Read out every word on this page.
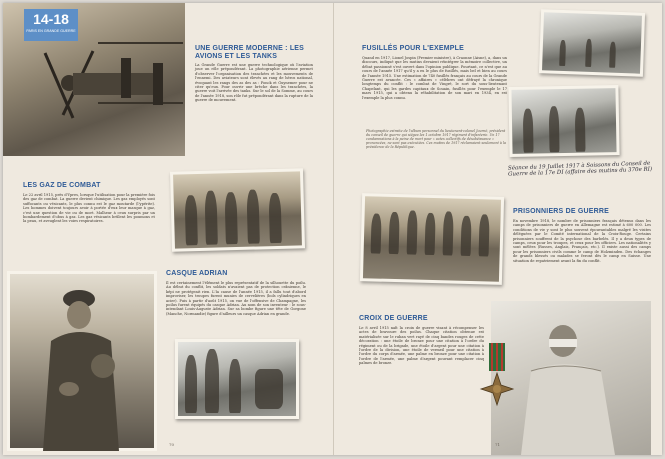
14-18
PARIS EN GRANDE GUERRE
UNE GUERRE MODERNE : LES AVIONS ET LES TANKS

La Grande Guerre est une guerre technologique où l'aviation joue un rôle prépondérant. La photographie aérienne permet d'observer l'organisation des tranchées et les mouvements de l'ennemi. Des aviateurs sont élevés au rang de héros national, évoquant les rangs des as des as : Fonck et Guynemer pour ne citer qu'eux. Pour ouvrir une brèche dans les tranchées, la guerre voit l'arrivée des tanks. Sur le sol de la Somme, au cours de l'année 1918, son rôle fut prépondérant dans la rupture de la guerre de mouvement.

LES GAZ DE COMBAT

Le 22 avril 1915, près d'Ypres, lorsque l'utilisation pour la première fois des gaz de combat. La guerre devient chimique. Les gaz employés sont suffocants ou vésicants, le plus connu est le gaz moutarde (l'ypérite). Les hommes doivent toujours avoir à portée d'eux leur masque à gaz, c'est une question de vie ou de mort. Malheur à ceux surpris par un bombardement d'obus à gaz. Les gaz vésicants brûlent les poumons et la peau, et aveuglent les voies respiratoires.

CASQUE ADRIAN

Il est certainement l'élément le plus représentatif de la silhouette du poilu. Au début du conflit, les soldats n'avaient pas de protection crânienne, le képi ne protégeait rien. L'Ia cause de l'année 1915, il a fallu tout d'abord improviser, les troupes furent munies de cervelières (bols cylindriques en acier). Puis à partir d'août 1915, on vue de l'offensive de Champagne, les poilus furent équipés du casque Adrian. Au nom de son inventeur : le sous-intendant Louis-Auguste Adrian. Sur sa bombe figure une tête de Gorgone (Manche, Normandie) figure d'ailleurs un casque Adrian en grande.

70
FUSILLÉS POUR L'EXEMPLE

Quand en 1917, Lionel Jospin (Premier ministre), à Craonne (Aisne), a, dans un discours, indiqué que les mutins devaient réintégrer la mémoire collective, un débat passionné s'est ouvert dans l'opinion publique. Pourtant, ce n'est que au cours de l'année 1917 qu'il y a eu le plus de fusillés, mais bel et bien au cours de l'année 1915. Une estimation de 740 fusillés français au cours de la Grande Guerre est avancée. Ces « affaires » célèbres ont défrayé la chronique longtemps du conflit : le combat de Vingré, le sort du sous-lieutenant Chapelant, qui les gardes capitaux de Souain, fusillés pour l'exemple le 17 mars 1915, qui a obtenu la réhabilitation de son mari en 1934, en est l'exemple la plus connu.

Photographie extraite de l'album personnel du lieutenant-colonel Journé, président du conseil de guerre qui siégea les 1 octobre 1917 régiment d'infanterie. Un 17 condamnations à la peine de mort pour « actes collectifs de désobéissance » prononcées, ne sont pas exécutées. Ces mutins de 1917 réclamaient seulement à la présidence de la République.

Séance du 19 Juillet 1917 à Soissons du Conseil de Guerre de la 17e DI (affaire des mutins du 370e RI)

PRISONNIERS DE GUERRE

En novembre 1918, le nombre de prisonniers français détenus dans les camps de prisonniers de guerre en Allemagne est estimé à 600 000. Les conditions de vie y sont le plus souvent épouvantables malgré les visites déléguées par le Comité international de la Croix-Rouge. Certains prisonniers souffrent de la psychose des barbelés. Il y a deux types de camps, ceux pour les troupes, et ceux pour les officiers. Les nationalités y sont mêlées (Russes, Anglais, Français, etc.). Il existe aussi des camps pour les prisonniers civils comme le camp de Holzminden. Des échanges de grands blessés ou malades se feront dès le camp en Suisse. Une situation de repatriement avant la fin du conflit.

CROIX DE GUERRE

Le 8 avril 1915 naît la croix de guerre visant à récompenser les actes de bravoure des poilus. Chaque citation obtenue est matérialisée sur le ruban vert rayé de cinq bandes rouges de cette décoration : une étoile de bronze pour une citation à l'ordre du régiment ou de la brigade, une étoile d'argent pour une citation à l'ordre de la division, une étoile de vermeil pour une citation à l'ordre du corps d'armée, une palme en bronze pour une citation à l'ordre de l'armée, une palme d'argent pouvant remplacer cinq palmes de bronze.

71
